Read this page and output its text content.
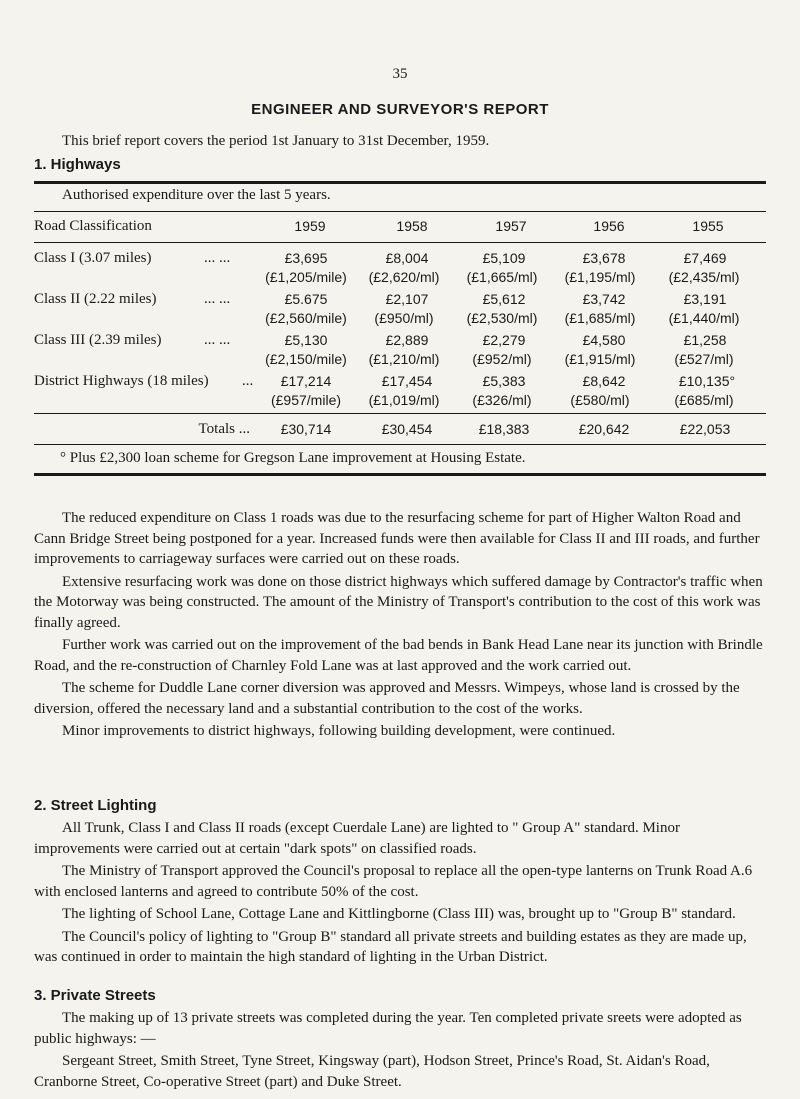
35
ENGINEER AND SURVEYOR'S REPORT
This brief report covers the period 1st January to 31st December, 1959.
1. Highways
Authorised expenditure over the last 5 years.
Road Classification	1959	1958	1957	1956	1955
Class I (3.07 miles)	... ...	£3,695	£8,004	£5,109	£3,678	£7,469
(£1,205/mile)	(£2,620/ml)	(£1,665/ml)	(£1,195/ml)	(£2,435/ml)
Class II (2.22 miles)	... ...	£5.675	£2,107	£5,612	£3,742	£3,191
(£2,560/mile)	(£950/ml)	(£2,530/ml)	(£1,685/ml)	(£1,440/ml)
Class III (2.39 miles)	... ...	£5,130	£2,889	£2,279	£4,580	£1,258
(£2,150/mile)	(£1,210/ml)	(£952/ml)	(£1,915/ml)	(£527/ml)
District Highways (18 miles) ...	£17,214	£17,454	£5,383	£8,642	£10,135°
(£957/mile)	(£1,019/ml)	(£326/ml)	(£580/ml)	(£685/ml)
Totals ...	£30,714	£30,454	£18,383	£20,642	£22,053
° Plus £2,300 loan scheme for Gregson Lane improvement at Housing Estate.

The reduced expenditure on Class 1 roads was due to the resurfacing scheme for part of Higher Walton Road and Cann Bridge Street being postponed for a year. Increased funds were then available for Class II and III roads, and further improvements to carriageway surfaces were carried out on these roads.

Extensive resurfacing work was done on those district highways which suffered damage by Contractor's traffic when the Motorway was being constructed. The amount of the Ministry of Transport's contribution to the cost of this work was finally agreed.

Further work was carried out on the improvement of the bad bends in Bank Head Lane near its junction with Brindle Road, and the re-construction of Charnley Fold Lane was at last approved and the work carried out.

The scheme for Duddle Lane corner diversion was approved and Messrs. Wimpeys, whose land is crossed by the diversion, offered the necessary land and a substantial contribution to the cost of the works.

Minor improvements to district highways, following building development, were continued.

2. Street Lighting

All Trunk, Class I and Class II roads (except Cuerdale Lane) are lighted to " Group A" standard. Minor improvements were carried out at certain "dark spots" on classified roads.

The Ministry of Transport approved the Council's proposal to replace all the open-type lanterns on Trunk Road A.6 with enclosed lanterns and agreed to contribute 50% of the cost.

The lighting of School Lane, Cottage Lane and Kittlingborne (Class III) was, brought up to "Group B" standard.

The Council's policy of lighting to "Group B" standard all private streets and building estates as they are made up, was continued in order to maintain the high standard of lighting in the Urban District.

3. Private Streets

The making up of 13 private streets was completed during the year. Ten completed private sreets were adopted as public highways: —

Sergeant Street, Smith Street, Tyne Street, Kingsway (part), Hodson Street, Prince's Road, St. Aidan's Road, Cranborne Street, Co-operative Street (part) and Duke Street.
